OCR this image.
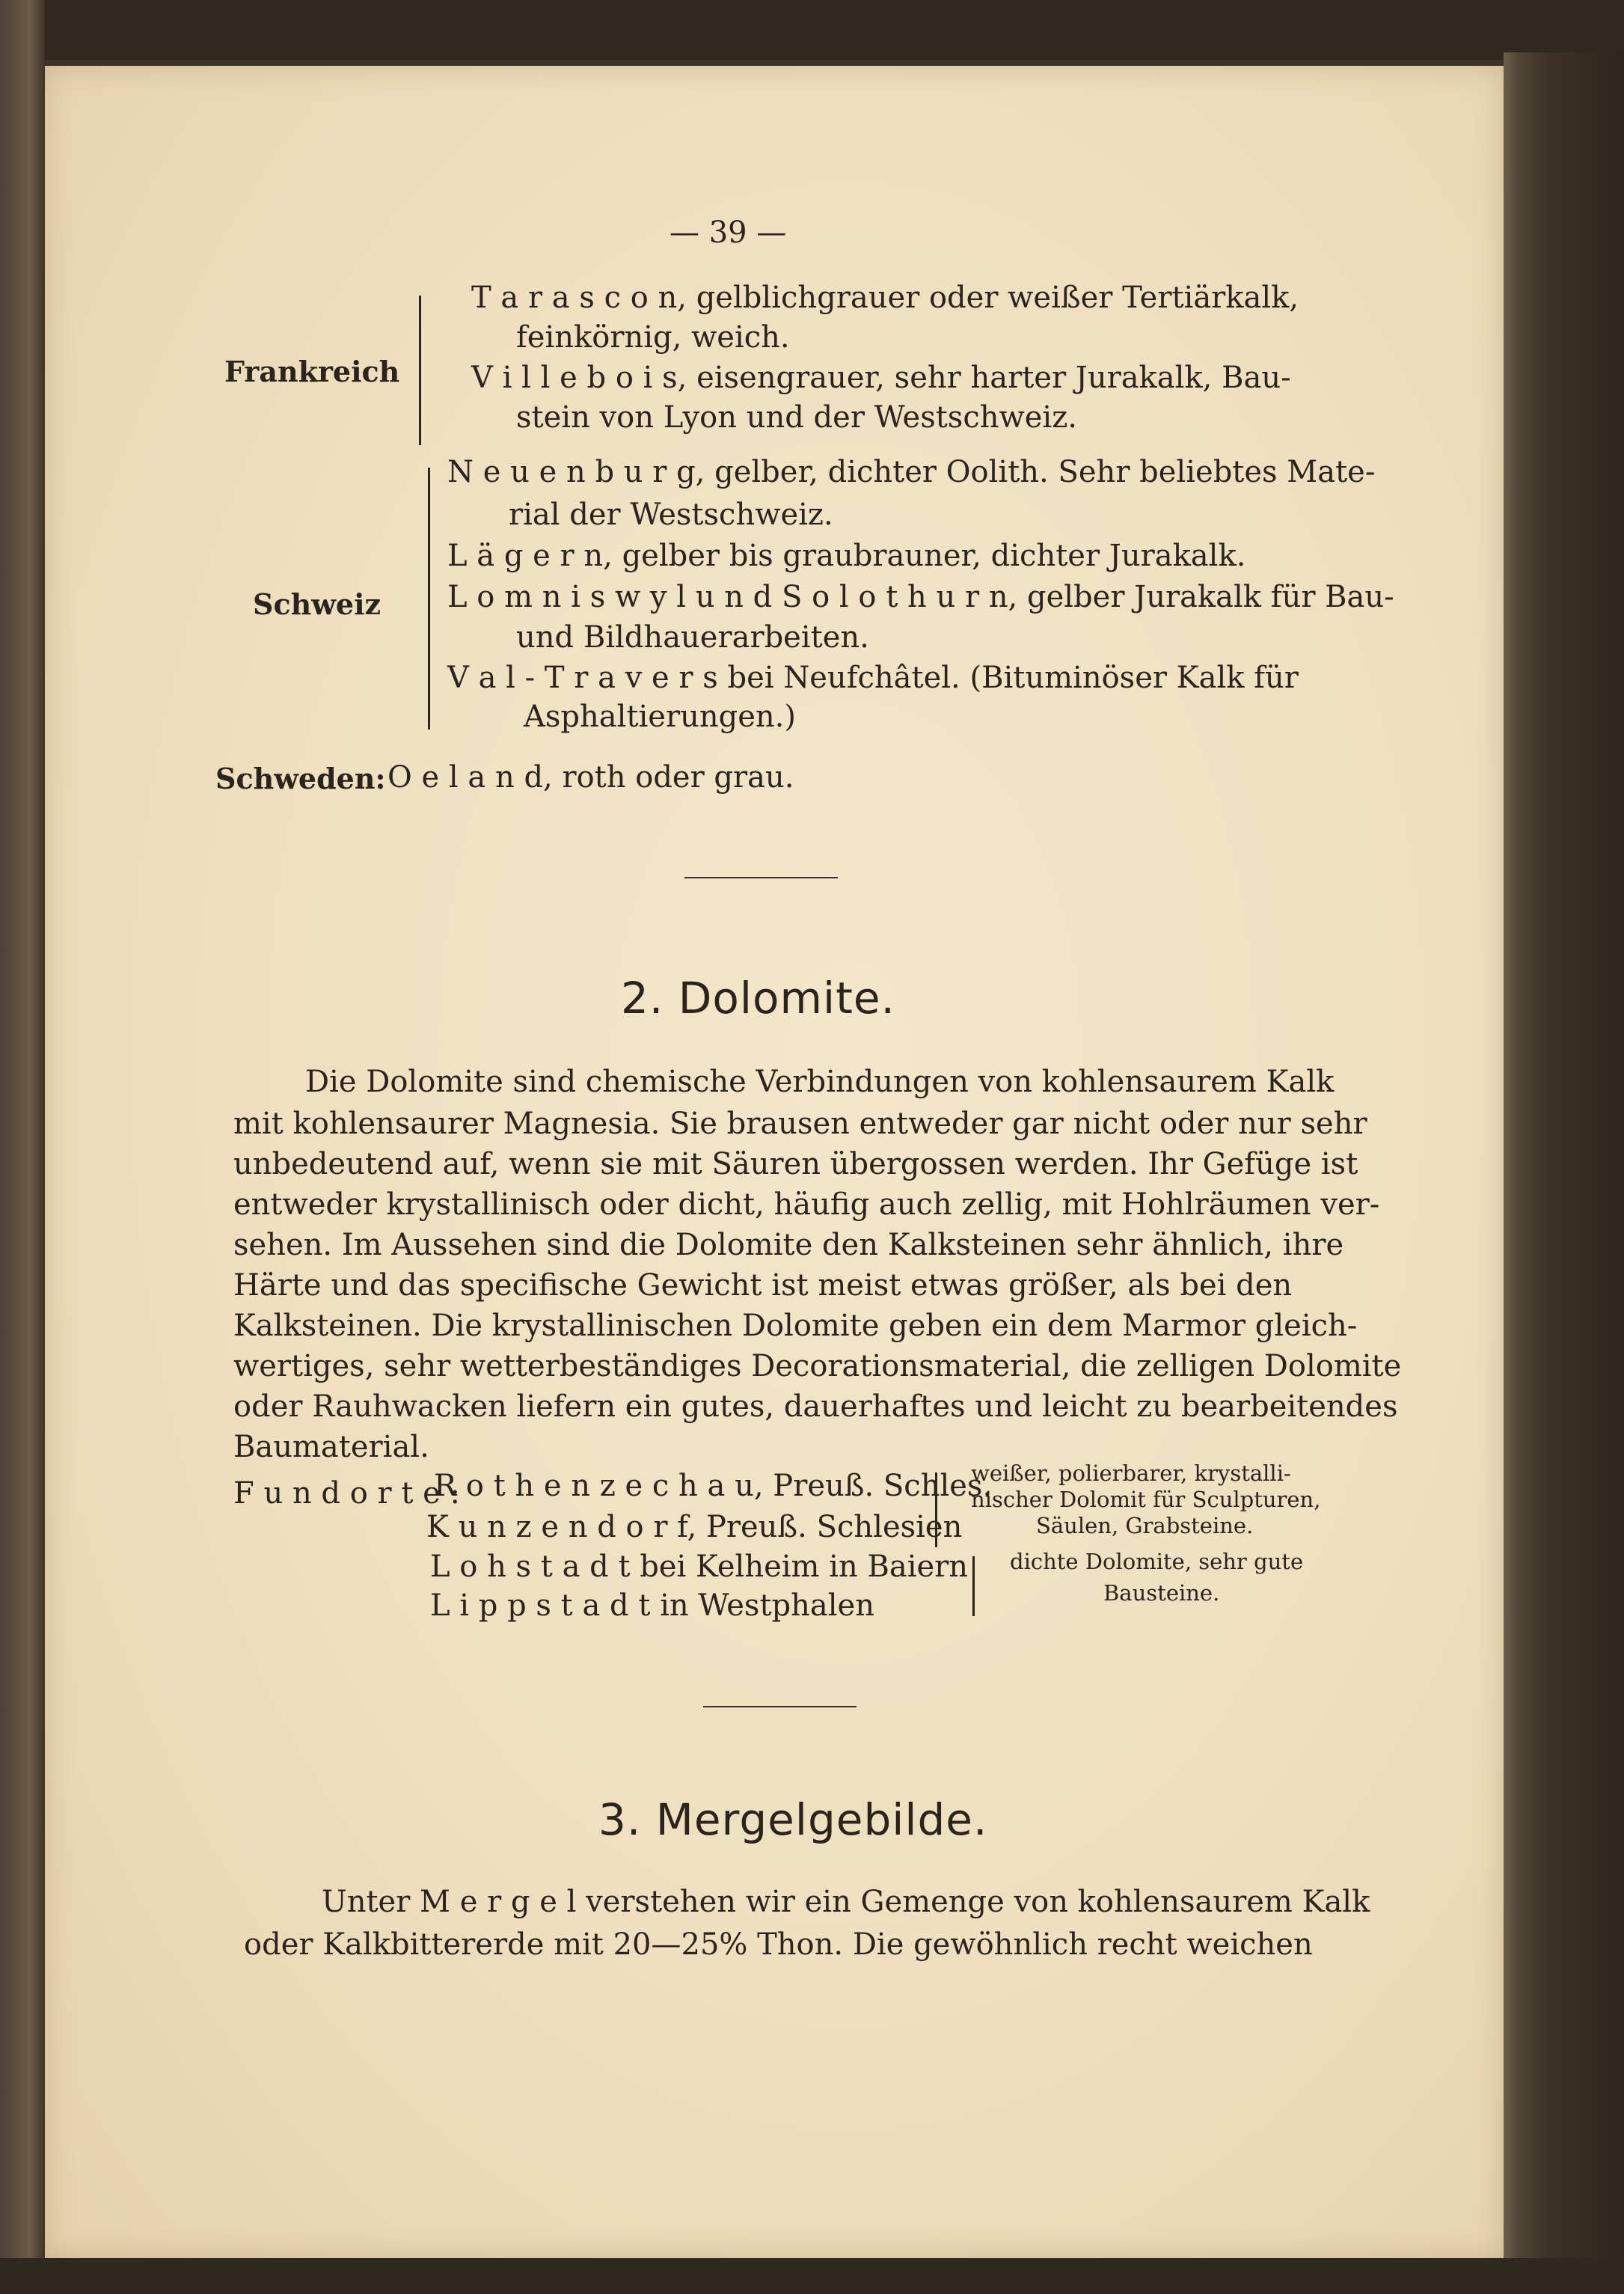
— 39 —
Frankreich
T a r a s c o n, gelblichgrauer oder weißer Tertiärkalk,
feinkörnig, weich.
V i l l e b o i s, eisengrauer, sehr harter Jurakalk, Bau-
stein von Lyon und der Westschweiz.
Schweiz
N e u e n b u r g, gelber, dichter Oolith. Sehr beliebtes Mate-
rial der Westschweiz.
L ä g e r n, gelber bis graubrauner, dichter Jurakalk.
L o m n i s w y l u n d S o l o t h u r n, gelber Jurakalk für Bau-
und Bildhauerarbeiten.
V a l - T r a v e r s bei Neufchâtel. (Bituminöser Kalk für
Asphaltierungen.)
Schweden: O e l a n d, roth oder grau.
2. Dolomite.
Die Dolomite sind chemische Verbindungen von kohlensaurem Kalk
mit kohlensaurer Magnesia. Sie brausen entweder gar nicht oder nur sehr
unbedeutend auf, wenn sie mit Säuren übergossen werden. Ihr Gefüge ist
entweder krystallinisch oder dicht, häufig auch zellig, mit Hohlräumen ver-
sehen. Im Aussehen sind die Dolomite den Kalksteinen sehr ähnlich, ihre
Härte und das specifische Gewicht ist meist etwas größer, als bei den
Kalksteinen. Die krystallinischen Dolomite geben ein dem Marmor gleich-
wertiges, sehr wetterbeständiges Decorationsmaterial, die zelligen Dolomite
oder Rauhwacken liefern ein gutes, dauerhaftes und leicht zu bearbeitendes
Baumaterial.
F u n d o r t e :
R o t h e n z e c h a u, Preuß. Schles.
K u n z e n d o r f, Preuß. Schlesien
L o h s t a d t bei Kelheim in Baiern
L i p p s t a d t in Westphalen
weißer, polierbarer, krystalli-
nischer Dolomit für Sculpturen,
Säulen, Grabsteine.
dichte Dolomite, sehr gute
Bausteine.
3. Mergelgebilde.
Unter M e r g e l verstehen wir ein Gemenge von kohlensaurem Kalk
oder Kalkbittererde mit 20—25% Thon. Die gewöhnlich recht weichen
